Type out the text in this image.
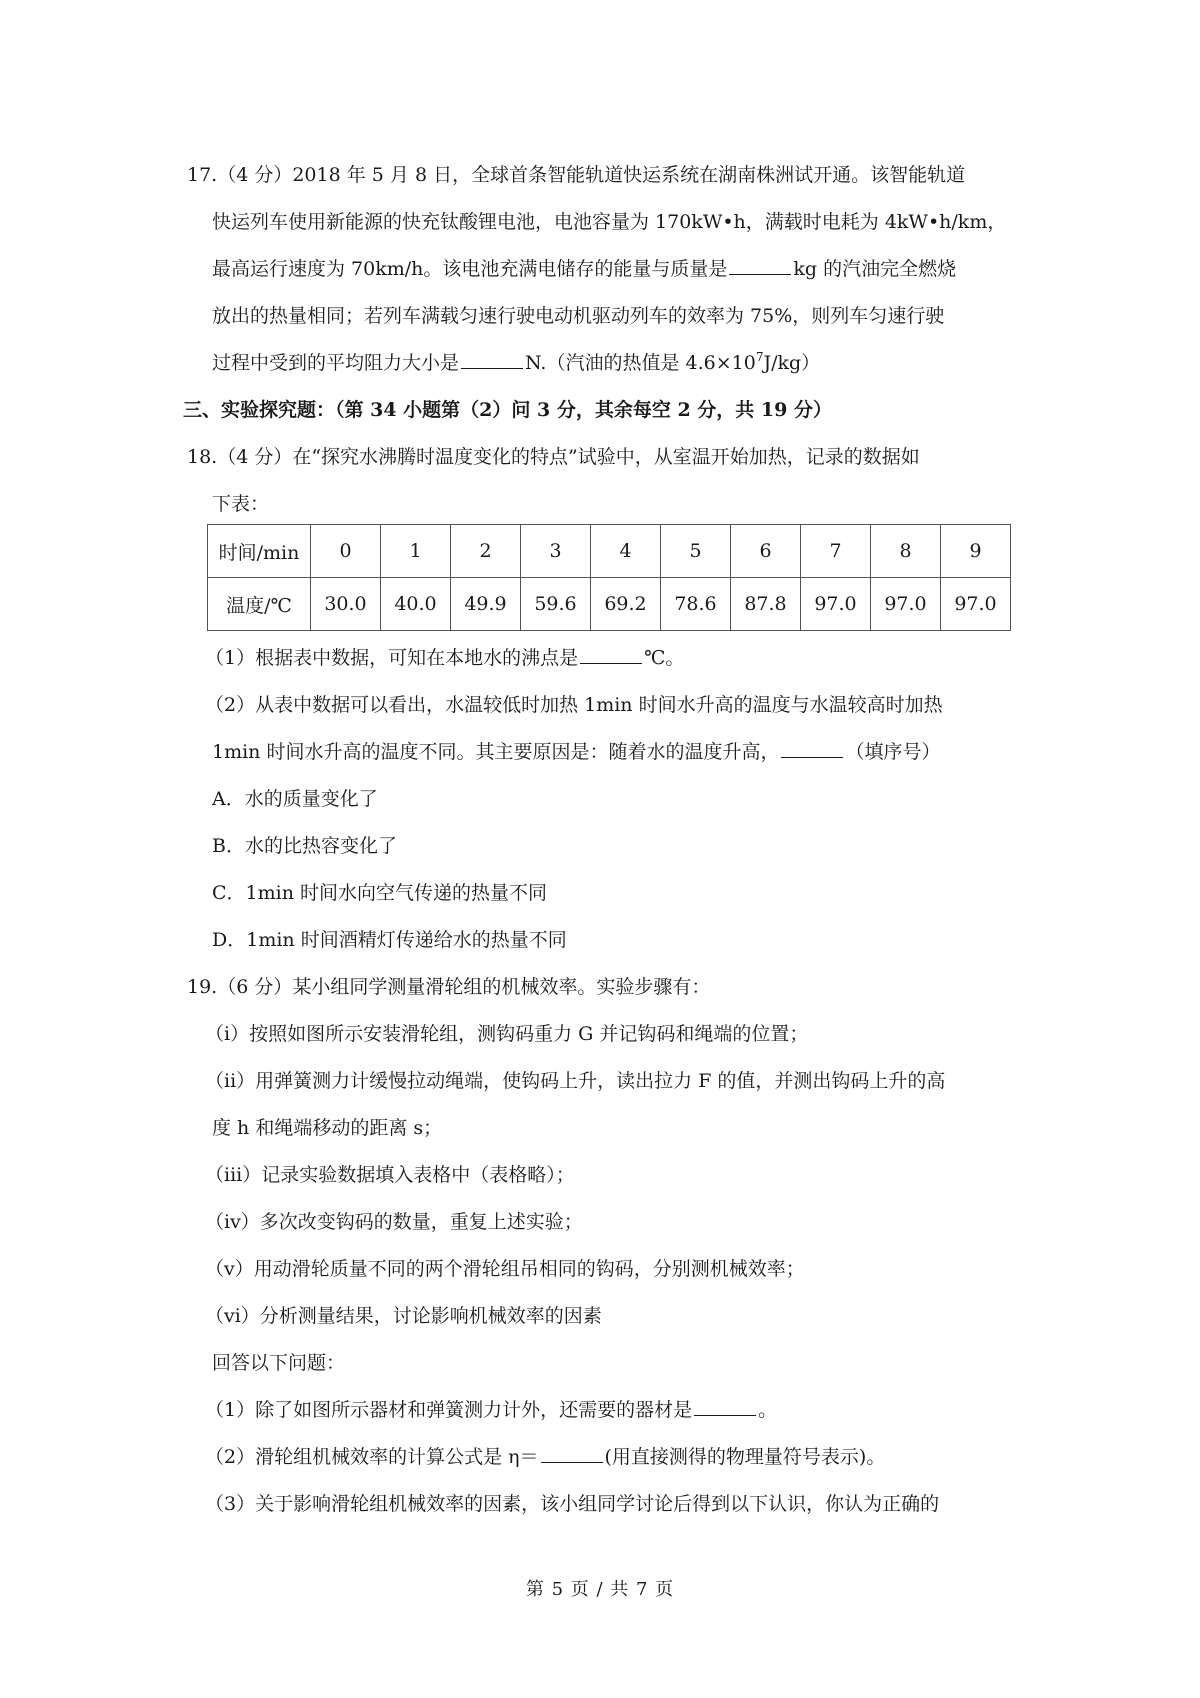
17.（4 分）2018 年 5 月 8 日，全球首条智能轨道快运系统在湖南株洲试开通。该智能轨道
快运列车使用新能源的快充钛酸锂电池，电池容量为 170kW•h，满载时电耗为 4kW•h/km，
最高运行速度为 70km/h。该电池充满电储存的能量与质量是	kg 的汽油完全燃烧
放出的热量相同；若列车满载匀速行驶电动机驱动列车的效率为 75%，则列车匀速行驶
过程中受到的平均阻力大小是	N.（汽油的热值是 $4.6\times 10^7J/kg$）
三、实验探究题：（第 34 小题第（2）问 3 分，其余每空 2 分，共 19 分）
18.（4 分）在“探究水沸腾时温度变化的特点”试验中，从室温开始加热，记录的数据如
下表：
时间/min	0	1	2	3	4	5	6	7	8	9
温度/℃	30.0	40.0	49.9	59.6	69.2	78.6	87.8	97.0	97.0	97.0
（1）根据表中数据，可知在本地水的沸点是	℃。
（2）从表中数据可以看出，水温较低时加热 1min 时间水升高的温度与水温较高时加热
1min 时间水升高的温度不同。其主要原因是：随着水的温度升高，	（填序号）
A．水的质量变化了
B．水的比热容变化了
C．1min 时间水向空气传递的热量不同
D．1min 时间酒精灯传递给水的热量不同
19.（6 分）某小组同学测量滑轮组的机械效率。实验步骤有：
（i）按照如图所示安装滑轮组，测钩码重力 G 并记钩码和绳端的位置；
（ii）用弹簧测力计缓慢拉动绳端，使钩码上升，读出拉力 F 的值，并测出钩码上升的高
度 h 和绳端移动的距离 s；
（iii）记录实验数据填入表格中（表格略）；
（iv）多次改变钩码的数量，重复上述实验；
（v）用动滑轮质量不同的两个滑轮组吊相同的钩码，分别测机械效率；
（vi）分析测量结果，讨论影响机械效率的因素
回答以下问题：
（1）除了如图所示器材和弹簧测力计外，还需要的器材是	。
（2）滑轮组机械效率的计算公式是 η＝	(用直接测得的物理量符号表示)。
（3）关于影响滑轮组机械效率的因素，该小组同学讨论后得到以下认识，你认为正确的
第 5 页 / 共 7 页
